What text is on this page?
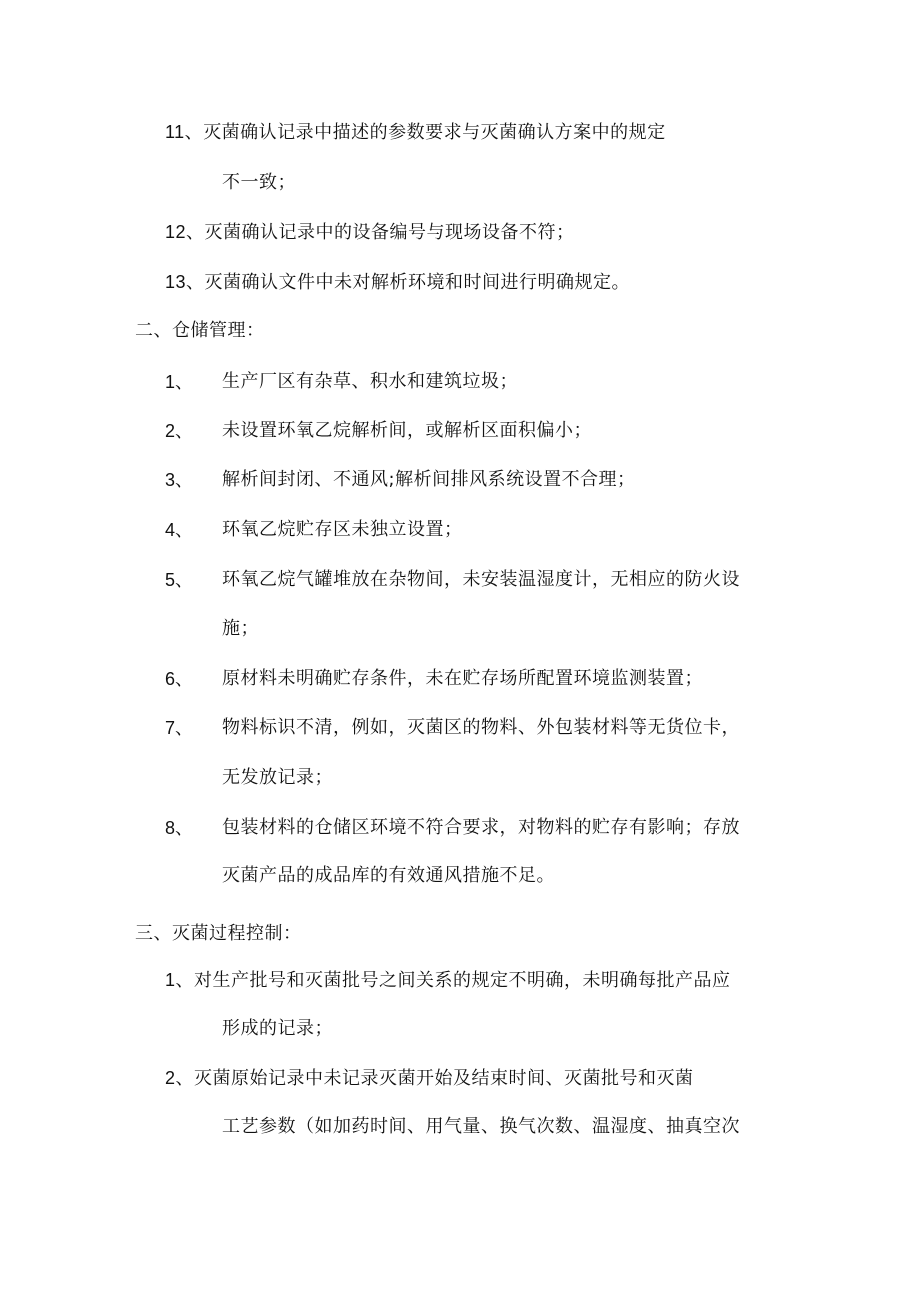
11、灭菌确认记录中描述的参数要求与灭菌确认方案中的规定
不一致；
12、灭菌确认记录中的设备编号与现场设备不符；
13、灭菌确认文件中未对解析环境和时间进行明确规定。
二、仓储管理：
1、 生产厂区有杂草、积水和建筑垃圾；
2、 未设置环氧乙烷解析间，或解析区面积偏小；
3、 解析间封闭、不通风;解析间排风系统设置不合理；
4、 环氧乙烷贮存区未独立设置；
5、 环氧乙烷气罐堆放在杂物间，未安装温湿度计，无相应的防火设
施；
6、 原材料未明确贮存条件，未在贮存场所配置环境监测装置；
7、 物料标识不清，例如，灭菌区的物料、外包装材料等无货位卡，
无发放记录；
8、 包装材料的仓储区环境不符合要求，对物料的贮存有影响；存放
灭菌产品的成品库的有效通风措施不足。
三、灭菌过程控制：
1、对生产批号和灭菌批号之间关系的规定不明确，未明确每批产品应
形成的记录；
2、灭菌原始记录中未记录灭菌开始及结束时间、灭菌批号和灭菌
工艺参数（如加药时间、用气量、换气次数、温湿度、抽真空次
